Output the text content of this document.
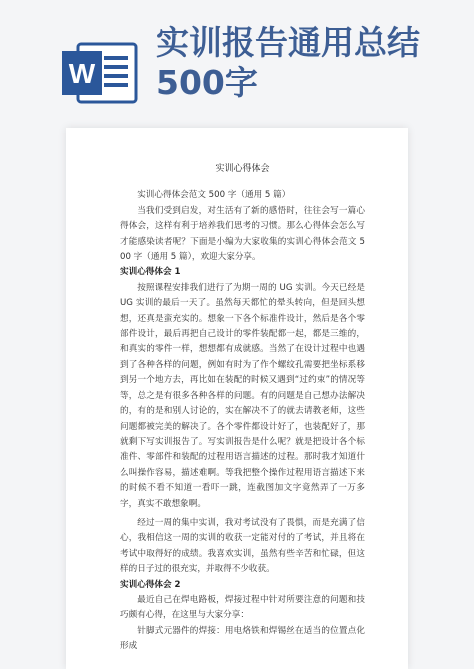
W
实训报告通用总结
500字
实训心得体会

实训心得体会范文 500 字（通用 5 篇）

当我们受到启发，对生活有了新的感悟时，往往会写一篇心得体会，这样有利于培养我们思考的习惯。那么心得体会怎么写才能感染读者呢？下面是小编为大家收集的实训心得体会范文 500 字（通用 5 篇），欢迎大家分享。

实训心得体会 1

按照课程安排我们进行了为期一周的 UG 实训。今天已经是 UG 实训的最后一天了。虽然每天都忙的晕头转向，但是回头想想，还真是蛮充实的。想象一下各个标准件设计，然后是各个零部件设计，最后再把自己设计的零件装配都一起，都是三维的，和真实的零件一样，想想都有成就感。当然了在设计过程中也遇到了各种各样的问题，例如有时为了作个螺纹孔需要把坐标系移到另一个地方去，再比如在装配的时候又遇到“过约束”的情况等等，总之是有很多各种各样的问题。有的问题是自己想办法解决的，有的是和别人讨论的，实在解决不了的就去请教老师，这些问题都被完美的解决了。各个零件都设计好了，也装配好了，那就剩下写实训报告了。写实训报告是什么呢？就是把设计各个标准件、零部件和装配的过程用语言描述的过程。那时我才知道什么叫操作容易，描述难啊。等我把整个操作过程用语言描述下来的时候不看不知道一看吓一跳，连截图加文字竟然弄了一万多字，真实不敢想象啊。

经过一周的集中实训，我对考试没有了畏惧，而是充满了信心，我相信这一周的实训的收获一定能对付的了考试，并且将在考试中取得好的成绩。我喜欢实训，虽然有些辛苦和忙碌，但这样的日子过的很充实，并取得不少收获。

实训心得体会 2

最近自己在焊电路板，焊接过程中针对所要注意的问题和技巧颇有心得，在这里与大家分享：

针脚式元器件的焊接：用电烙铁和焊锡丝在适当的位置点化形成
